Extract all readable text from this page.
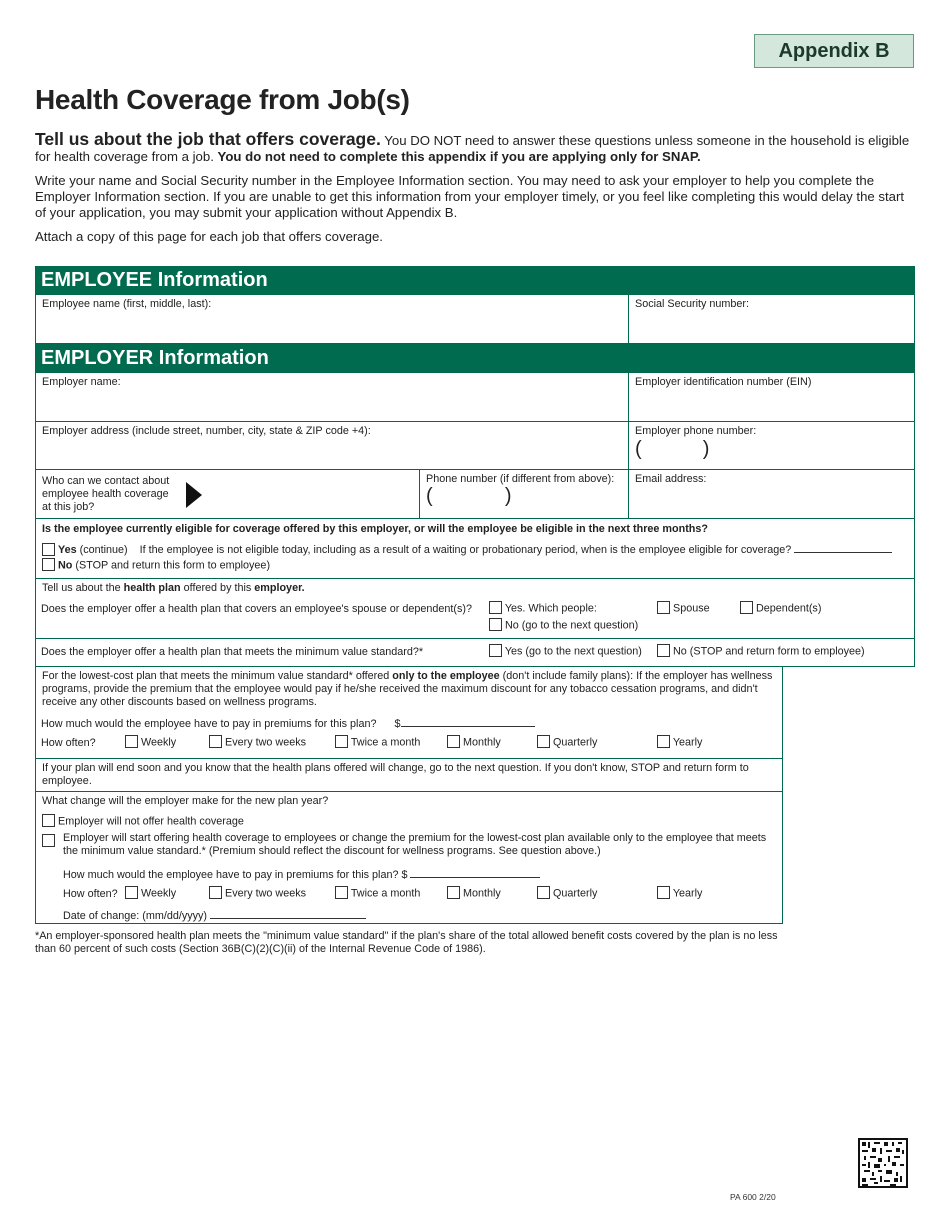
Appendix B
Health Coverage from Job(s)

Tell us about the job that offers coverage. You DO NOT need to answer these questions unless someone in the household is eligible for health coverage from a job. You do not need to complete this appendix if you are applying only for SNAP.

Write your name and Social Security number in the Employee Information section. You may need to ask your employer to help you complete the Employer Information section. If you are unable to get this information from your employer timely, or you feel like completing this would delay the start of your application, you may submit your application without Appendix B.

Attach a copy of this page for each job that offers coverage.

EMPLOYEE Information
Employee name (first, middle, last):	Social Security number:
EMPLOYER Information
Employer name:	Employer identification number (EIN)
Employer address (include street, number, city, state & ZIP code +4):	Employer phone number:
(           )
Who can we contact about employee health coverage at this job?
Phone number (if different from above):
(             )
Email address:
Is the employee currently eligible for coverage offered by this employer, or will the employee be eligible in the next three months?
Yes (continue) If the employee is not eligible today, including as a result of a waiting or probationary period, when is the employee eligible for coverage?
No (STOP and return this form to employee)
Tell us about the health plan offered by this employer.
Does the employer offer a health plan that covers an employee's spouse or dependent(s)?	Yes. Which people:	Spouse	Dependent(s)
No (go to the next question)
Does the employer offer a health plan that meets the minimum value standard?*	Yes (go to the next question)	No (STOP and return form to employee)
For the lowest-cost plan that meets the minimum value standard* offered only to the employee (don't include family plans): If the employer has wellness programs, provide the premium that the employee would pay if he/she received the maximum discount for any tobacco cessation programs, and didn't receive any other discounts based on wellness programs.
How much would the employee have to pay in premiums for this plan? $
How often?	Weekly	Every two weeks	Twice a month	Monthly	Quarterly	Yearly
If your plan will end soon and you know that the health plans offered will change, go to the next question. If you don't know, STOP and return form to employee.
What change will the employer make for the new plan year?
Employer will not offer health coverage
Employer will start offering health coverage to employees or change the premium for the lowest-cost plan available only to the employee that meets the minimum value standard.* (Premium should reflect the discount for wellness programs. See question above.)
How much would the employee have to pay in premiums for this plan? $
How often?	Weekly	Every two weeks	Twice a month	Monthly	Quarterly	Yearly
Date of change: (mm/dd/yyyy)
*An employer-sponsored health plan meets the "minimum value standard" if the plan's share of the total allowed benefit costs covered by the plan is no less than 60 percent of such costs (Section 36B(C)(2)(C)(ii) of the Internal Revenue Code of 1986).
PA 600 2/20
